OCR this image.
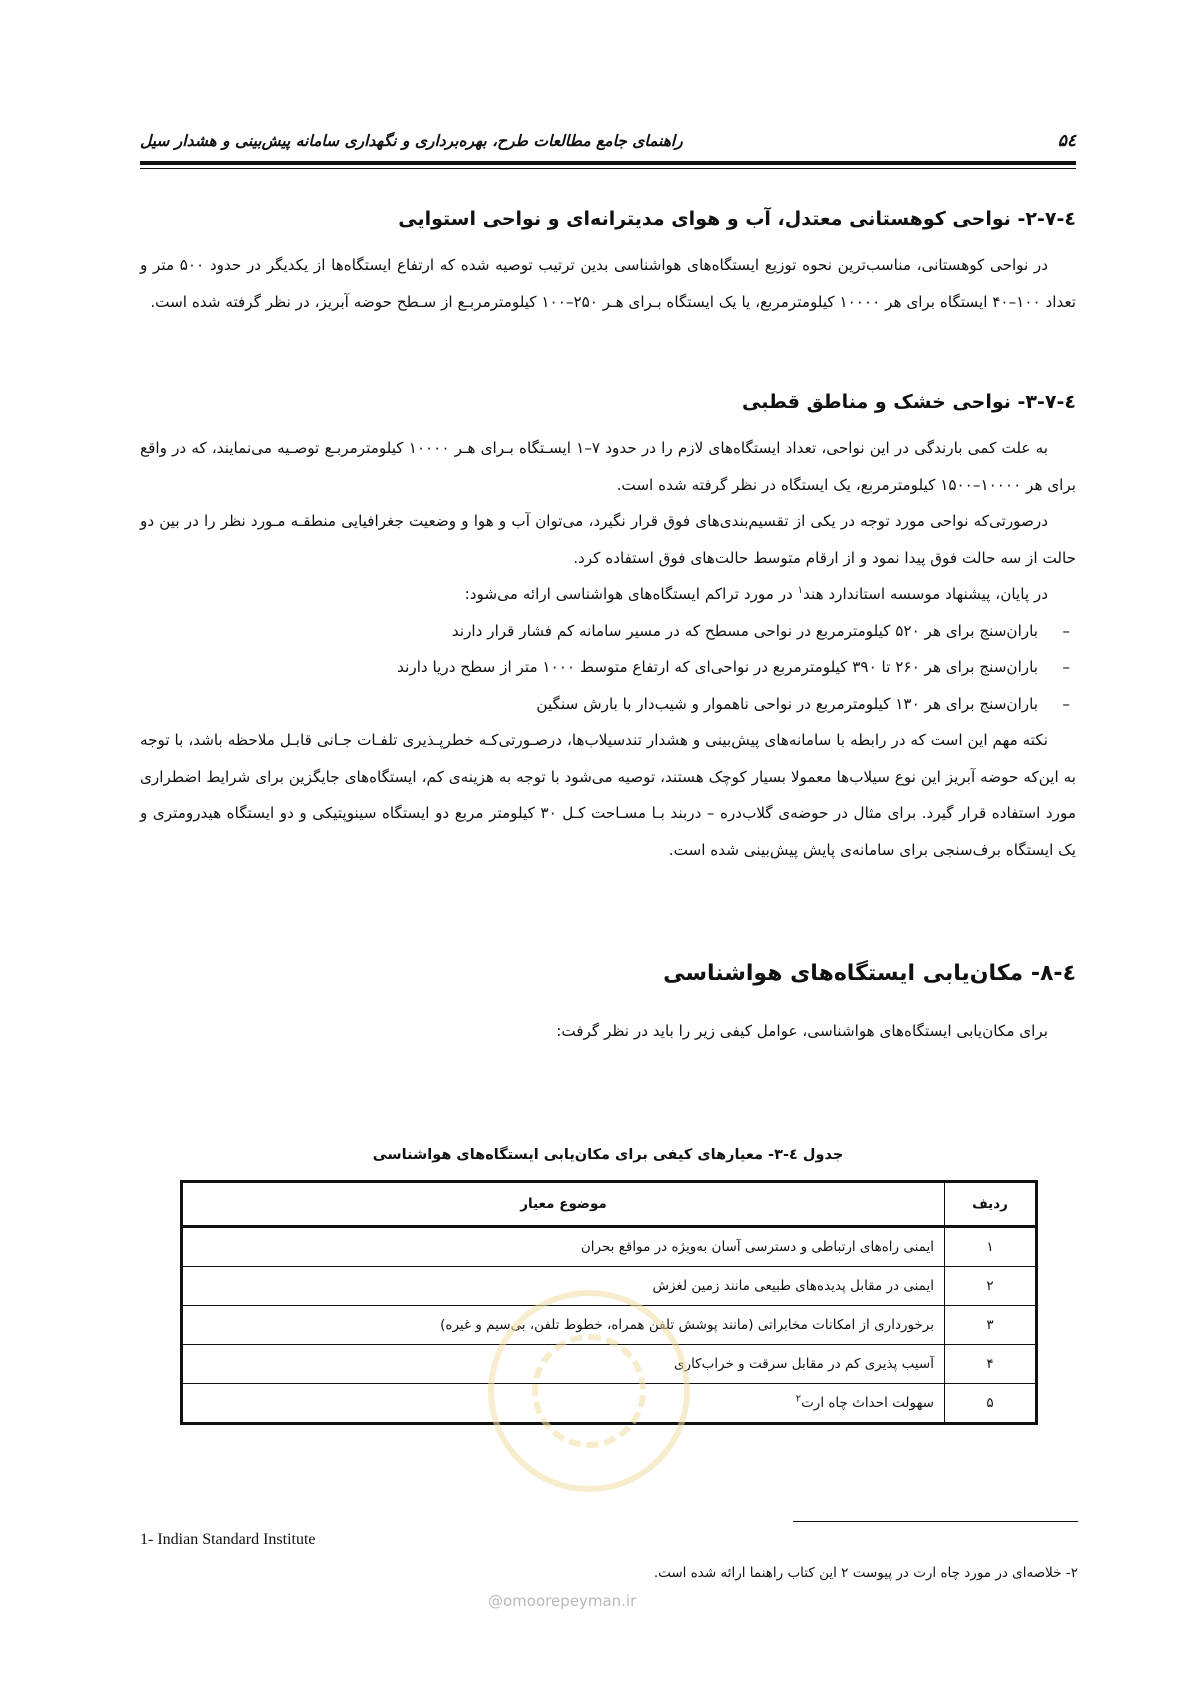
۵٤
راهنمای جامع مطالعات طرح، بهره‌برداری و نگهداری سامانه پیش‌بینی و هشدار سیل
٤-٧-٢- نواحی کوهستانی معتدل، آب و هوای مدیترانه‌ای و نواحی استوایی

در نواحی کوهستانی، مناسب‌ترین نحوه توزیع ایستگاه‌های هواشناسی بدین ترتیب توصیه شده که ارتفاع ایستگاه‌ها از یکدیگر در حدود ۵۰۰ متر و تعداد ۱۰۰–۴۰ ایستگاه برای هر ۱۰۰۰۰ کیلومترمربع، یا یک ایستگاه بـرای هـر ۲۵۰–۱۰۰ کیلومترمربـع از سـطح حوضه آبریز، در نظر گرفته شده است.

٤-٧-٣- نواحی خشک و مناطق قطبی

به علت کمی بارندگی در این نواحی، تعداد ایستگاه‌های لازم را در حدود ٧–١ ایسـتگاه بـرای هـر ١٠٠٠٠ کیلومترمربـع توصـیه می‌نمایند، که در واقع برای هر ١٠٠٠٠–١۵٠٠ کیلومترمربع، یک ایستگاه در نظر گرفته شده است.

درصورتی‌که نواحی مورد توجه در یکی از تقسیم‌بندی‌های فوق قرار نگیرد، می‌توان آب و هوا و وضعیت جغرافیایی منطقـه مـورد نظر را در بین دو حالت از سه حالت فوق پیدا نمود و از ارقام متوسط حالت‌های فوق استفاده کرد.

در پایان، پیشنهاد موسسه استاندارد هند$^١$ در مورد تراکم ایستگاه‌های هواشناسی ارائه می‌شود:

–باران‌سنج برای هر ۵٢٠ کیلومترمربع در نواحی مسطح که در مسیر سامانه کم فشار قرار دارند
–باران‌سنج برای هر ٢۶٠ تا ٣٩٠ کیلومترمربع در نواحی‌ای که ارتفاع متوسط ١٠٠٠ متر از سطح دریا دارند
–باران‌سنج برای هر ١٣٠ کیلومترمربع در نواحی ناهموار و شیب‌دار با بارش سنگین

نکته مهم این است که در رابطه با سامانه‌های پیش‌بینی و هشدار تندسیلاب‌ها، درصـورتی‌کـه خطرپـذیری تلفـات جـانی قابـل ملاحظه باشد، با توجه به این‌که حوضه آبریز این نوع سیلاب‌ها معمولا بسیار کوچک هستند، توصیه می‌شود با توجه به هزینه‌ی کم، ایستگاه‌های جایگزین برای شرایط اضطراری مورد استفاده قرار گیرد. برای مثال در حوضه‌ی گلاب‌دره – دربند بـا مسـاحت کـل ٣٠ کیلومتر مربع دو ایستگاه سینوپتیکی و دو ایستگاه هیدرومتری و یک ایستگاه برف‌سنجی برای سامانه‌ی پایش پیش‌بینی شده است.

٤-٨- مکان‌یابی ایستگاه‌های هواشناسی

برای مکان‌یابی ایستگاه‌های هواشناسی، عوامل کیفی زیر را باید در نظر گرفت:

جدول ٤-٣- معیارهای کیفی برای مکان‌یابی ایستگاه‌های هواشناسی
ردیف	موضوع معیار
١	ایمنی راه‌های ارتباطی و دسترسی آسان به‌ویژه در مواقع بحران
٢	ایمنی در مقابل پدیده‌های طبیعی مانند زمین لغزش
٣	برخورداری از امکانات مخابراتی (مانند پوشش تلفن همراه، خطوط تلفن، بی‌سیم و غیره)
۴	آسیب پذیری کم در مقابل سرقت و خراب‌کاری
۵	سهولت احداث چاه ارت$^٢$
@omoorepeyman.ir
1- Indian Standard Institute
٢- خلاصه‌ای در مورد چاه ارت در پیوست ٢ این کتاب راهنما ارائه شده است.
